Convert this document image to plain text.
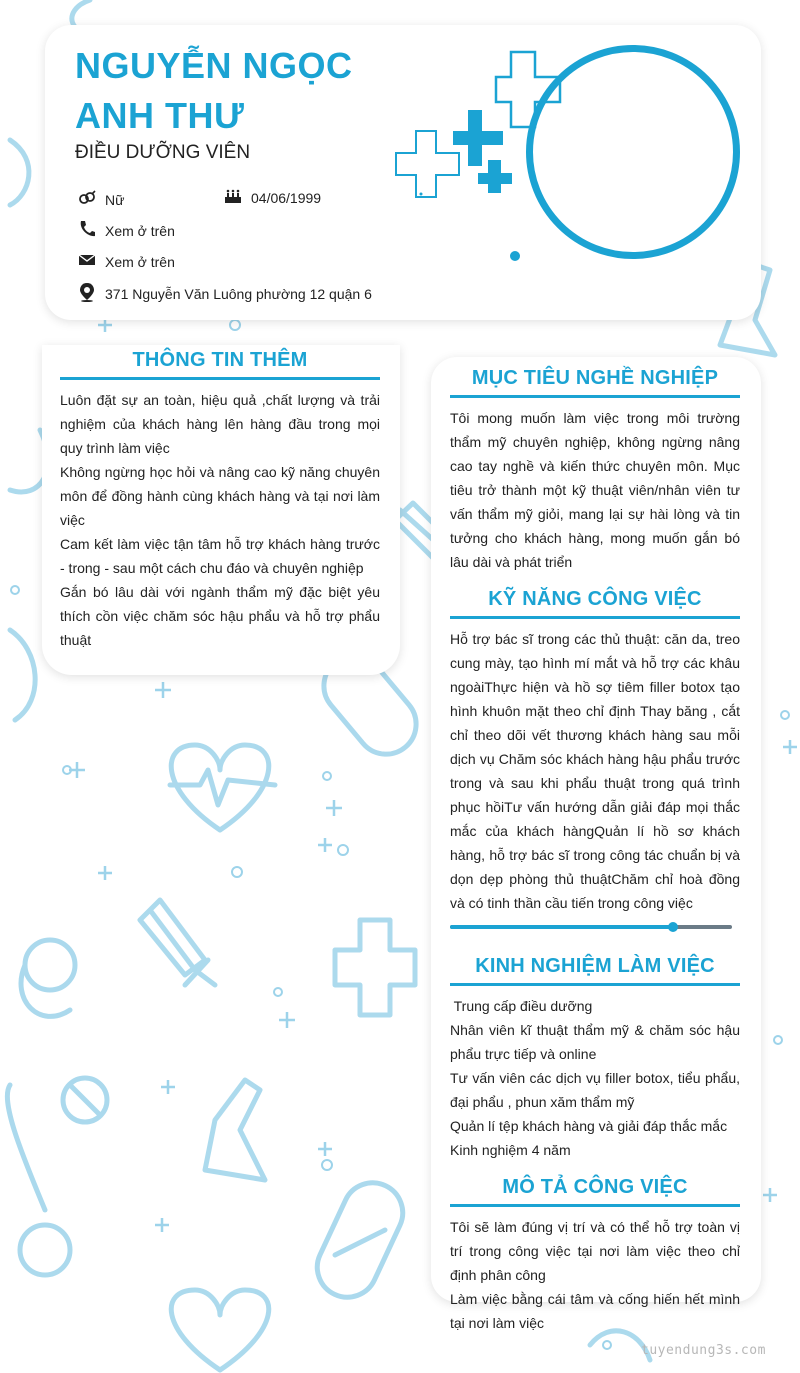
NGUYỄN NGỌC ANH THƯ
ĐIỀU DƯỠNG VIÊN
Nữ	04/06/1999
Xem ở trên
Xem ở trên
371 Nguyễn Văn Luông phường 12 quận 6
THÔNG TIN THÊM

Luôn đặt sự an toàn, hiệu quả ,chất lượng và trải nghiệm của khách hàng lên hàng đầu trong mọi quy trình làm việc

Không ngừng học hỏi và nâng cao kỹ năng chuyên môn để đồng hành cùng khách hàng và tại nơi làm việc

Cam kết làm việc tận tâm hỗ trợ khách hàng trước - trong - sau một cách chu đáo và chuyên nghiệp

Gắn bó lâu dài với ngành thẩm mỹ đặc biệt yêu thích cồn việc chăm sóc hậu phẩu và hỗ trợ phẩu thuật

MỤC TIÊU NGHỀ NGHIỆP

Tôi mong muốn làm việc trong môi trường thẩm mỹ chuyên nghiệp, không ngừng nâng cao tay nghề và kiến thức chuyên môn. Mục tiêu trở thành một kỹ thuật viên/nhân viên tư vấn thẩm mỹ giỏi, mang lại sự hài lòng và tin tưởng cho khách hàng, mong muốn gắn bó lâu dài và phát triển

KỸ NĂNG CÔNG VIỆC

Hỗ trợ bác sĩ trong các thủ thuật: căn da, treo cung mày, tạo hình mí mắt và hỗ trợ các khâu ngoàiThực hiện và hồ sợ tiêm filler botox tạo hình khuôn mặt theo chỉ định Thay băng , cắt chỉ theo dõi vết thương khách hàng sau mỗi dịch vụ Chăm sóc khách hàng hậu phẩu trước trong và sau khi phẩu thuật trong quá trình phục hồiTư vấn hướng dẫn giải đáp mọi thắc mắc của khách hàngQuản lí hồ sơ khách hàng, hỗ trợ bác sĩ trong công tác chuẩn bị và dọn dẹp phòng thủ thuậtChăm chỉ hoà đồng và có tinh thần cầu tiến trong công việc

KINH NGHIỆM LÀM VIỆC

Trung cấp điều dưỡng

Nhân viên kĩ thuật thẩm mỹ & chăm sóc hậu phẩu trực tiếp và online

Tư vấn viên các dịch vụ filler botox, tiểu phẩu, đại phẩu , phun xăm thẩm mỹ

Quản lí tệp khách hàng và giải đáp thắc mắc

Kinh nghiệm 4 năm

MÔ TẢ CÔNG VIỆC

Tôi sẽ làm đúng vị trí và có thể hỗ trợ toàn vị trí trong công việc tại nơi làm việc theo chỉ định phân công

Làm việc bằng cái tâm và cống hiến hết mình tại nơi làm việc

tuyendung3s.com
